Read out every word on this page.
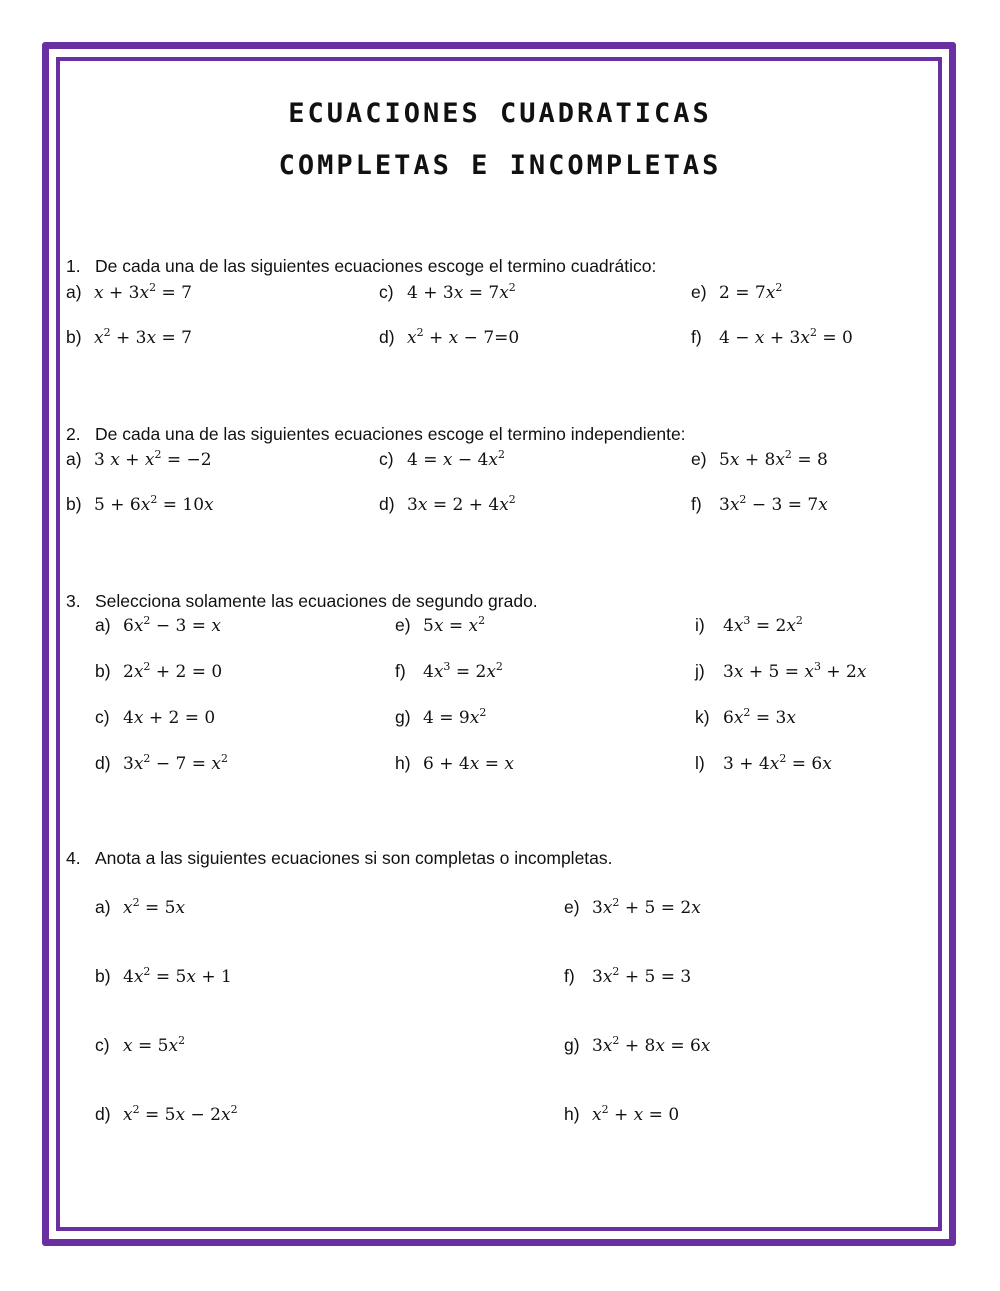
ECUACIONES CUADRATICAS
COMPLETAS E INCOMPLETAS

1. De cada una de las siguientes ecuaciones escoge el termino cuadrático:

a) $x + 3x^2 = 7$
b) $x^2 + 3x = 7$
c) $4 + 3x = 7x^2$
d) $x^2 + x - 7=0$
e) $2 = 7x^2$
f) $4 - x + 3x^2 = 0$

2. De cada una de las siguientes ecuaciones escoge el termino independiente:

a) 3 $x + x^2 = -2$
b) $5 + 6x^2 = 10x$
c) $4 = x - 4x^2$
d) $3x = 2 + 4x^2$
e) $5x + 8x^2 = 8$
f) $3x^2 - 3 = 7x$

3. Selecciona solamente las ecuaciones de segundo grado.

a) $6x^2 - 3 = x$
b) $2x^2 + 2 = 0$
c) 4x + 2 = 0
d) $3x^2 - 7 = x^2$
e) $5x = x^2$
f) $4x^3 = 2x^2$
g) $4 = 9x^2$
h) 6 + 4x = x
i) $4x^3 = 2x^2$
j) $3x + 5 = x^3 + 2x$
k) $6x^2 = 3x$
l) $3 + 4x^2 = 6x$

4. Anota a las siguientes ecuaciones si son completas o incompletas.

a) $x^2 = 5x$
b) $4x^2 = 5x + 1$
c) $x = 5x^2$
d) $x^2 = 5x - 2x^2$
e) $3x^2 + 5 = 2x$
f) $3x^2 + 5 = 3$
g) $3x^2 + 8x = 6x$
h) $x^2 + x = 0$
